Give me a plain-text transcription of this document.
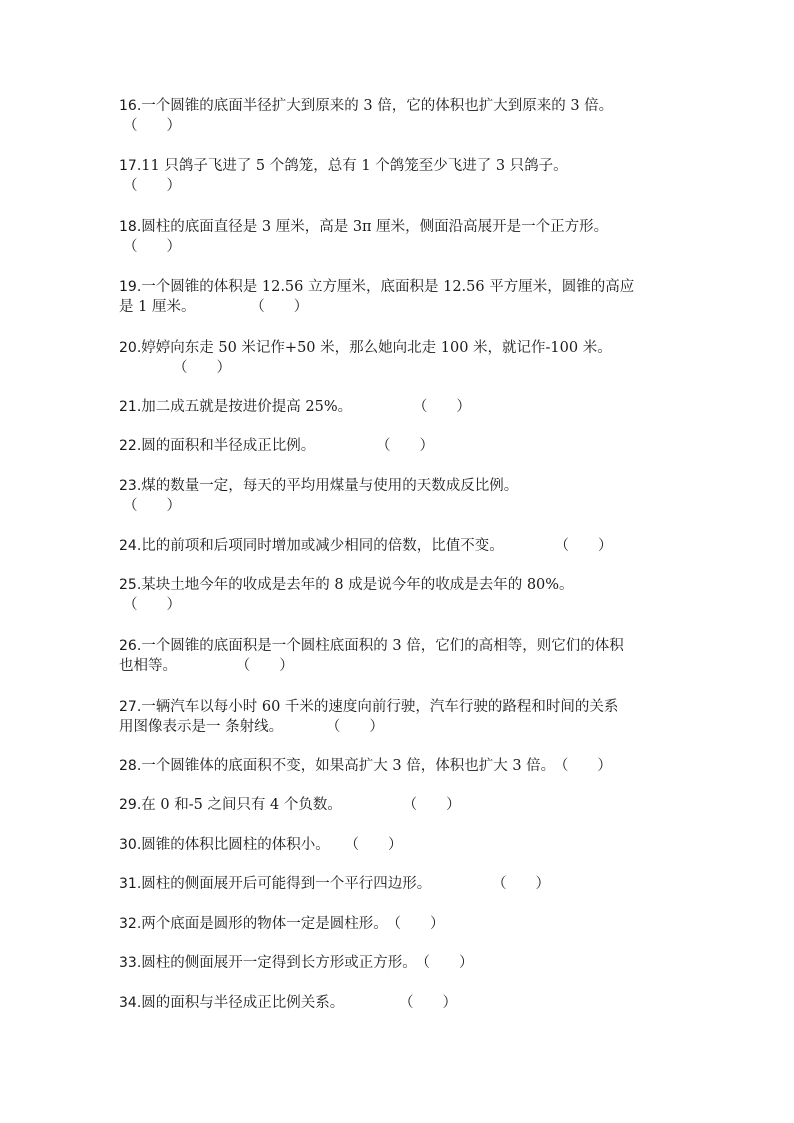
16.一个圆锥的底面半径扩大到原来的 3 倍，它的体积也扩大到原来的 3 倍。
（　　）
17.11 只鸽子飞进了 5 个鸽笼，总有 1 个鸽笼至少飞进了 3 只鸽子。
（　　）
18.圆柱的底面直径是 3 厘米，高是 3π 厘米，侧面沿高展开是一个正方形。
（　　）
19.一个圆锥的体积是 12.56 立方厘米，底面积是 12.56 平方厘米，圆锥的高应
是 1 厘米。	（　　）
20.婷婷向东走 50 米记作+50 米，那么她向北走 100 米，就记作-100 米。
（　　）
21.加二成五就是按进价提高 25%。	（　　）
22.圆的面积和半径成正比例。	（　　）
23.煤的数量一定，每天的平均用煤量与使用的天数成反比例。
（　　）
24.比的前项和后项同时增加或减少相同的倍数，比值不变。	（　　）
25.某块土地今年的收成是去年的 8 成是说今年的收成是去年的 80%。
（　　）
26.一个圆锥的底面积是一个圆柱底面积的 3 倍，它们的高相等，则它们的体积
也相等。	（　　）
27.一辆汽车以每小时 60 千米的速度向前行驶，汽车行驶的路程和时间的关系
用图像表示是一 条射线。	（　　）
28.一个圆锥体的底面积不变，如果高扩大 3 倍，体积也扩大 3 倍。 （　　）
29.在 0 和-5 之间只有 4 个负数。	（　　）
30.圆锥的体积比圆柱的体积小。 （　　）
31.圆柱的侧面展开后可能得到一个平行四边形。	（　　）
32.两个底面是圆形的物体一定是圆柱形。 （　　）
33.圆柱的侧面展开一定得到长方形或正方形。 （　　）
34.圆的面积与半径成正比例关系。	（　　）
